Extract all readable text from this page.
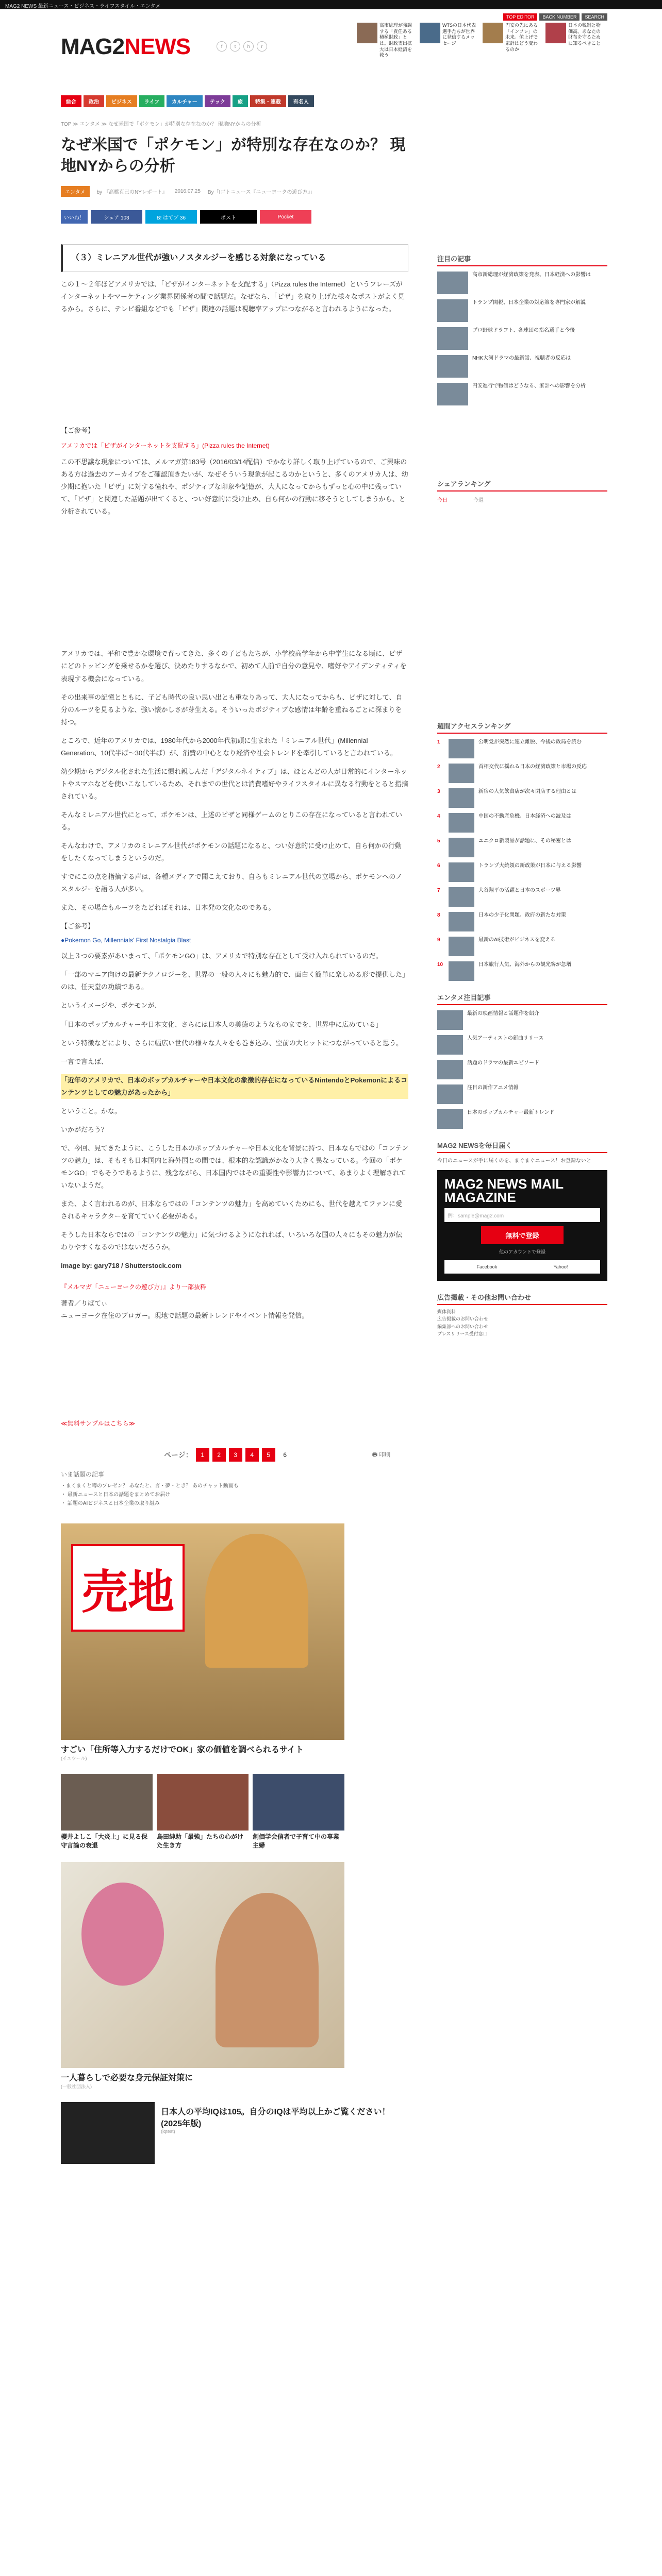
MAG2 NEWS 最新ニュース・ビジネス・ライフスタイル・エンタメ
MAG2NEWS	f	t	h	r
TOP EDITOR	BACK NUMBER	SEARCH
高市総理が強調する「責任ある積極財政」とは。財政支出拡大は日本経済を救う
WTSの日本代表選手たちが世界に発信するメッセージ
円安の先にある「インフレ」の未来。値上げで家計はどう変わるのか
日本の税制と物価高。あなたの財布を守るために知るべきこと
総合	政治	ビジネス	ライフ	カルチャー	テック	旅	特集・連載	有名人
TOP ≫ エンタメ ≫ なぜ米国で「ポケモン」が特別な存在なのか？ 現地NYからの分析
なぜ米国で「ポケモン」が特別な存在なのか？ 現地NYからの分析
エンタメ	by 『高橋克己のNYレポート』 2016.07.25 By「Iゴトニュース『ニューヨークの遊び方』」
いいね！	シェア 103	B! はてブ 36	ポスト	Pocket
（３）ミレニアル世代が強いノスタルジーを感じる対象になっている

この１〜２年ほどアメリカでは、「ピザがインターネットを支配する」（Pizza rules the Internet）というフレーズがインターネットやマーケティング業界関係者の間で話題だ。なぜなら、「ピザ」を取り上げた様々なポストがよく見るから。さらに、テレビ番組などでも「ピザ」関連の話題は視聴率アップにつながると言われるようになった。

【ご参考】

アメリカでは「ピザがインターネットを支配する」(Pizza rules the Internet)

この不思議な現象については、メルマガ第183号（2016/03/14配信）でかなり詳しく取り上げているので、ご興味のある方は過去のアーカイブをご確認頂きたいが、なぜそういう現象が起こるのかというと、多くのアメリカ人は、幼少期に抱いた「ピザ」に対する憧れや、ポジティブな印象や記憶が、大人になってからもずっと心の中に残っていて、「ピザ」と関連した話題が出てくると、つい好意的に受け止め、自ら何かの行動に移そうとしてしまうから、と分析されている。

アメリカでは、平和で豊かな環境で育ってきた、多くの子どもたちが、小学校高学年から中学生になる頃に、ピザにどのトッピングを乗せるかを選び、決めたりするなかで、初めて人前で自分の意見や、嗜好やアイデンティティを表現する機会になっている。

その出来事の記憶とともに、子ども時代の良い思い出とも重なりあって、大人になってからも、ピザに対して、自分のルーツを見るような、強い懐かしさが芽生える。そういったポジティブな感情は年齢を重ねるごとに深まりを持つ。

ところで、近年のアメリカでは、1980年代から2000年代初頭に生まれた「ミレニアル世代」(Millennial Generation、10代半ば〜30代半ば）が、消費の中心となり経済や社会トレンドを牽引していると言われている。

幼少期からデジタル化された生活に慣れ親しんだ「デジタルネイティブ」は、ほとんどの人が日常的にインターネットやスマホなどを使いこなしているため、それまでの世代とは消費嗜好やライフスタイルに異なる行動をとると指摘されている。

そんなミレニアル世代にとって、ポケモンは、上述のピザと同様ゲームのとりこの存在になっていると言われている。

そんなわけで、アメリカのミレニアル世代がポケモンの話題になると、つい好意的に受け止めて、自ら何かの行動をしたくなってしまうというのだ。

すでにこの点を指摘する声は、各種メディアで聞こえており、自らもミレニアル世代の立場から、ポケモンへのノスタルジーを語る人が多い。

また、その場合もルーツをたどればそれは、日本発の文化なのである。

【ご参考】

●Pokemon Go, Millennials' First Nostalgia Blast

以上３つの要素があいまって、「ポケモンGO」は、アメリカで特別な存在として受け入れられているのだ。

「一部のマニア向けの最新テクノロジーを、世界の一般の人々にも魅力的で、面白く簡単に楽しめる形で提供した」のは、任天堂の功績である。

というイメージや、ポケモンが、

「日本のポップカルチャーや日本文化、さらには日本人の美徳のようなものまでを、世界中に広めている」

という特徴などにより、さらに幅広い世代の様々な人々をも巻き込み、空前の大ヒットにつながっていると思う。

一言で言えば、

「近年のアメリカで、日本のポップカルチャーや日本文化の象徴的存在になっているNintendoとPokemonによるコンテンツとしての魅力があったから」

ということ。かな。

いかがだろう？

で、今回、見てきたように、こうした日本のポップカルチャーや日本文化を背景に持つ、日本ならではの「コンテンツの魅力」は、そもそも日本国内と海外国との間では、根本的な認識がかなり大きく異なっている。今回の「ポケモンGO」でもそうであるように、残念ながら、日本国内ではその重要性や影響力について、あまりよく理解されていないようだ。

また、よく言われるのが、日本ならではの「コンテンツの魅力」を高めていくためにも、世代を越えてファンに愛されるキャラクターを育てていく必要がある。

そうした日本ならではの「コンテンツの魅力」に気づけるようになれれば、いろいろな国の人々にもその魅力が伝わりやすくなるのではないだろうか。

image by: gary718 / Shutterstock.com

『メルマガ「ニューヨークの遊び方」』より一部抜粋

著者／りばてぃ
ニューヨーク在住のブロガー。現地で話題の最新トレンドやイベント情報を発信。

≪無料サンプルはこちら≫

ページ：	1	2	3	4	5	6	🖶 印刷
いま話題の記事
・まくまくと噂のプレゼン？ あなたと、言・夢・とき？ あのチャット動画も
・ 最新ニュースと日本の話題をまとめてお届け
・ 話題のAIビジネスと日本企業の取り組み
売地
すごい「住所等入力するだけでOK」家の価値を調べられるサイト
(イエウール)
櫻井よしこ「大炎上」に見る保守言論の衰退
島田紳助「最強」たちの心がけた生き方
創価学会信者で子育て中の専業主婦
一人暮らしで必要な身元保証対策に
(一般社団法人)
日本人の平均IQは105。自分のIQは平均以上かご覧ください！ (2025年版)
(iqtest)
注目の記事
高市新総理が経済政策を発表、日本経済への影響は
トランプ関税、日本企業の対応策を専門家が解説
プロ野球ドラフト、各球団の指名選手と今後
NHK大河ドラマの最新話、視聴者の反応は
円安進行で物価はどうなる、家計への影響を分析
シェアランキング
今日	今週
週間アクセスランキング
1	公明党が突然に連立離脱、今後の政局を読む
2	首相交代に揺れる日本の経済政策と市場の反応
3	新宿の人気飲食店が次々閉店する理由とは
4	中国の不動産危機、日本経済への波及は
5	ユニクロ新製品が話題に、その秘密とは
6	トランプ大統領の新政策が日本に与える影響
7	大谷翔平の活躍と日本のスポーツ界
8	日本の少子化問題、政府の新たな対策
9	最新のAI技術がビジネスを変える
10	日本旅行人気、海外からの観光客が急増
エンタメ注目記事
最新の映画情報と話題作を紹介
人気アーティストの新曲リリース
話題のドラマの最新エピソード
注目の新作アニメ情報
日本のポップカルチャー最新トレンド
MAG2 NEWSを毎日届く
今日のニュースが手に届くのを、まぐまぐニュース！お登録ないと
MAG2 NEWS MAIL MAGAZINE
例：sample@mag2.com
無料で登録
他のアカウントで登録
Facebook	Yahoo!
広告掲載・その他お問い合わせ
媒体資料
広告掲載のお問い合わせ
編集部へのお問い合わせ
プレスリリース受付窓口
